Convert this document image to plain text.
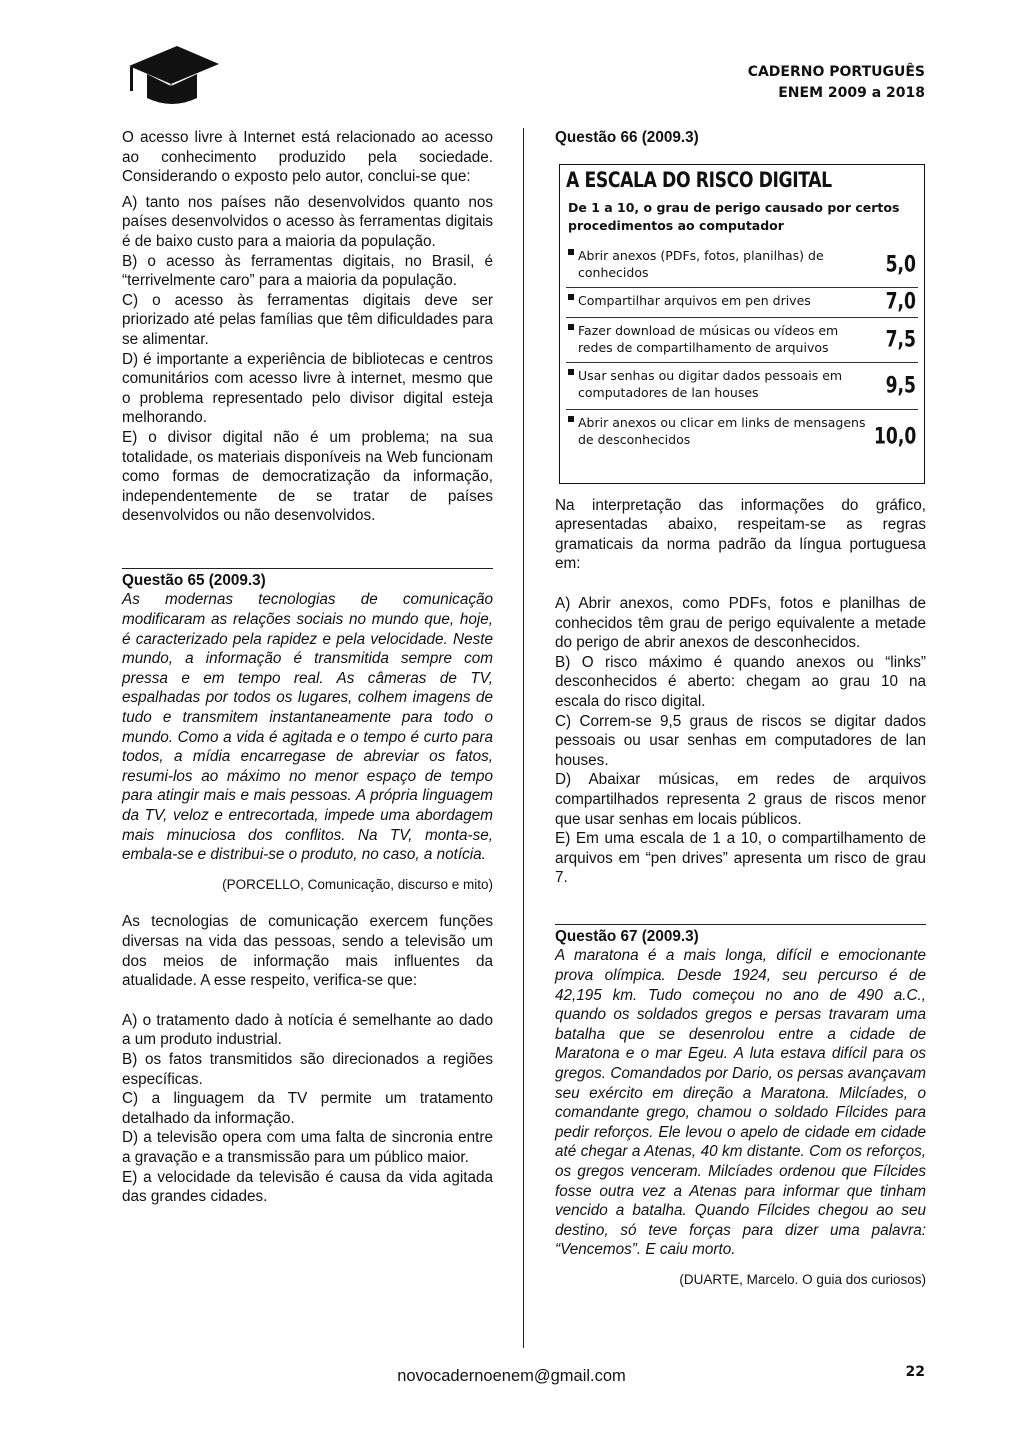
CADERNO PORTUGUÊS
ENEM 2009 a 2018

O acesso livre à Internet está relacionado ao acesso ao conhecimento produzido pela sociedade. Considerando o exposto pelo autor, conclui-se que:

A) tanto nos países não desenvolvidos quanto nos países desenvolvidos o acesso às ferramentas digitais é de baixo custo para a maioria da população.

B) o acesso às ferramentas digitais, no Brasil, é “terrivelmente caro” para a maioria da população.

C) o acesso às ferramentas digitais deve ser priorizado até pelas famílias que têm dificuldades para se alimentar.

D) é importante a experiência de bibliotecas e centros comunitários com acesso livre à internet, mesmo que o problema representado pelo divisor digital esteja melhorando.

E) o divisor digital não é um problema; na sua totalidade, os materiais disponíveis na Web funcionam como formas de democratização da informação, independentemente de se tratar de países desenvolvidos ou não desenvolvidos.

Questão 65 (2009.3)

As modernas tecnologias de comunicação modificaram as relações sociais no mundo que, hoje, é caracterizado pela rapidez e pela velocidade. Neste mundo, a informação é transmitida sempre com pressa e em tempo real. As câmeras de TV, espalhadas por todos os lugares, colhem imagens de tudo e transmitem instantaneamente para todo o mundo. Como a vida é agitada e o tempo é curto para todos, a mídia encarregase de abreviar os fatos, resumi-los ao máximo no menor espaço de tempo para atingir mais e mais pessoas. A própria linguagem da TV, veloz e entrecortada, impede uma abordagem mais minuciosa dos conflitos. Na TV, monta-se, embala-se e distribui-se o produto, no caso, a notícia.

(PORCELLO, Comunicação, discurso e mito)

As tecnologias de comunicação exercem funções diversas na vida das pessoas, sendo a televisão um dos meios de informação mais influentes da atualidade. A esse respeito, verifica-se que:

A) o tratamento dado à notícia é semelhante ao dado a um produto industrial.

B) os fatos transmitidos são direcionados a regiões específicas.

C) a linguagem da TV permite um tratamento detalhado da informação.

D) a televisão opera com uma falta de sincronia entre a gravação e a transmissão para um público maior.

E) a velocidade da televisão é causa da vida agitada das grandes cidades.

Questão 66 (2009.3)

A ESCALA DO RISCO DIGITAL
De 1 a 10, o grau de perigo causado por certos procedimentos ao computador
Abrir anexos (PDFs, fotos, planilhas) de conhecidos	5,0
Compartilhar arquivos em pen drives	7,0
Fazer download de músicas ou vídeos em redes de compartilhamento de arquivos	7,5
Usar senhas ou digitar dados pessoais em computadores de lan houses	9,5
Abrir anexos ou clicar em links de mensagens de desconhecidos	10,0

Na interpretação das informações do gráfico, apresentadas abaixo, respeitam-se as regras gramaticais da norma padrão da língua portuguesa em:

A) Abrir anexos, como PDFs, fotos e planilhas de conhecidos têm grau de perigo equivalente a metade do perigo de abrir anexos de desconhecidos.

B) O risco máximo é quando anexos ou “links” desconhecidos é aberto: chegam ao grau 10 na escala do risco digital.

C) Correm-se 9,5 graus de riscos se digitar dados pessoais ou usar senhas em computadores de lan houses.

D) Abaixar músicas, em redes de arquivos compartilhados representa 2 graus de riscos menor que usar senhas em locais públicos.

E) Em uma escala de 1 a 10, o compartilhamento de arquivos em “pen drives” apresenta um risco de grau 7.

Questão 67 (2009.3)

A maratona é a mais longa, difícil e emocionante prova olímpica. Desde 1924, seu percurso é de 42,195 km. Tudo começou no ano de 490 a.C., quando os soldados gregos e persas travaram uma batalha que se desenrolou entre a cidade de Maratona e o mar Egeu. A luta estava difícil para os gregos. Comandados por Dario, os persas avançavam seu exército em direção a Maratona. Milcíades, o comandante grego, chamou o soldado Fílcides para pedir reforços. Ele levou o apelo de cidade em cidade até chegar a Atenas, 40 km distante. Com os reforços, os gregos venceram. Milcíades ordenou que Fílcides fosse outra vez a Atenas para informar que tinham vencido a batalha. Quando Fílcides chegou ao seu destino, só teve forças para dizer uma palavra: “Vencemos”. E caiu morto.

(DUARTE, Marcelo. O guia dos curiosos)

novocadernoenem@gmail.com	22
